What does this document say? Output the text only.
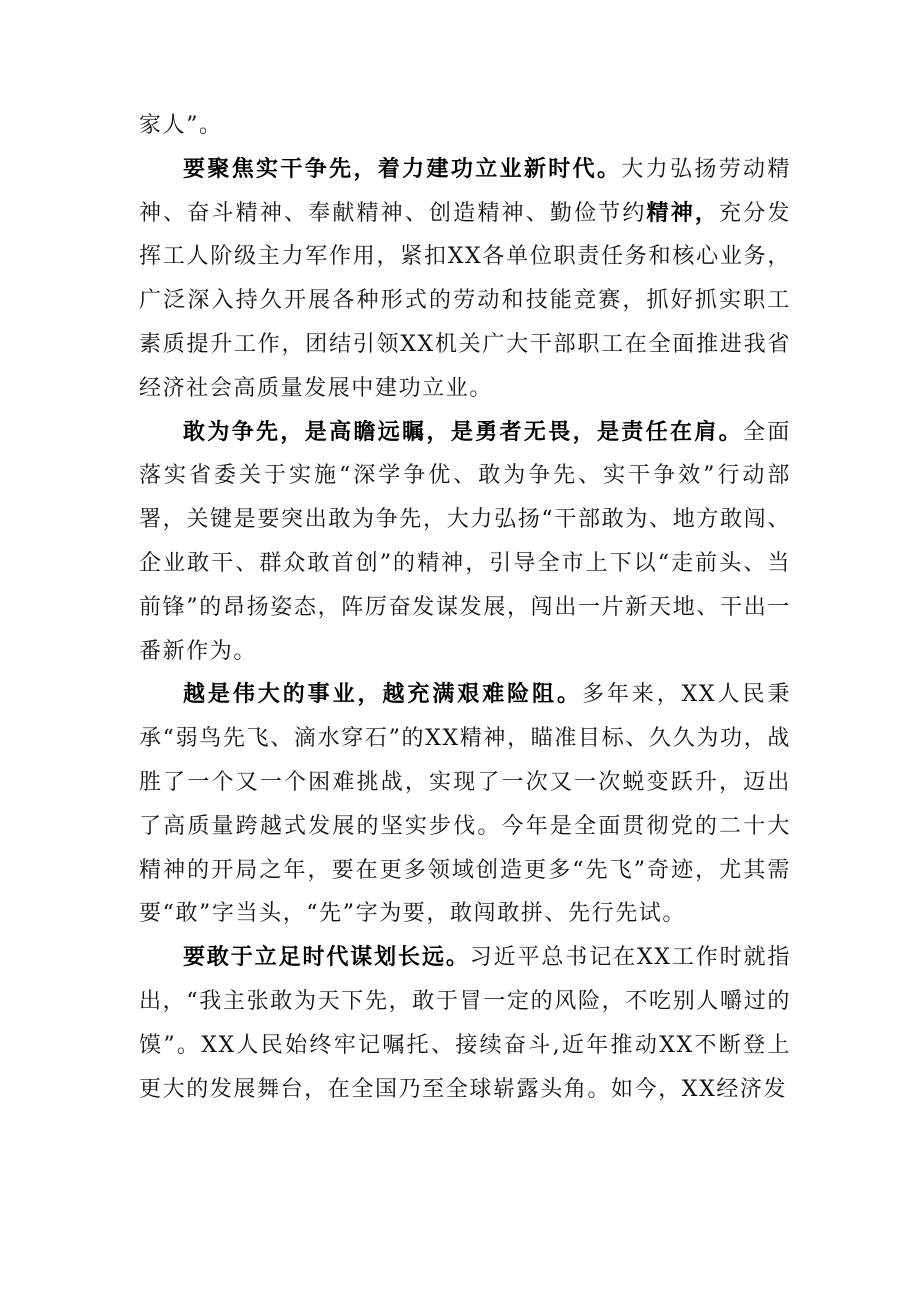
家人”。

要聚焦实干争先，着力建功立业新时代。大力弘扬劳动精神、奋斗精神、奉献精神、创造精神、勤俭节约精神，充分发挥工人阶级主力军作用，紧扣XX各单位职责任务和核心业务，广泛深入持久开展各种形式的劳动和技能竞赛，抓好抓实职工素质提升工作，团结引领XX机关广大干部职工在全面推进我省经济社会高质量发展中建功立业。

敢为争先，是高瞻远瞩，是勇者无畏，是责任在肩。全面落实省委关于实施“深学争优、敢为争先、实干争效”行动部署，关键是要突出敢为争先，大力弘扬“干部敢为、地方敢闯、企业敢干、群众敢首创”的精神，引导全市上下以“走前头、当前锋”的昂扬姿态，阵厉奋发谋发展，闯出一片新天地、干出一番新作为。

越是伟大的事业，越充满艰难险阻。多年来，XX人民秉承“弱鸟先飞、滴水穿石”的XX精神，瞄准目标、久久为功，战胜了一个又一个困难挑战，实现了一次又一次蜕变跃升，迈出了高质量跨越式发展的坚实步伐。今年是全面贯彻党的二十大精神的开局之年，要在更多领域创造更多“先飞”奇迹，尤其需要“敢”字当头，“先”字为要，敢闯敢拼、先行先试。

要敢于立足时代谋划长远。习近平总书记在XX工作时就指出，“我主张敢为天下先，敢于冒一定的风险，不吃别人嚼过的馍”。XX人民始终牢记嘱托、接续奋斗,近年推动XX不断登上更大的发展舞台，在全国乃至全球崭露头角。如今，XX经济发
